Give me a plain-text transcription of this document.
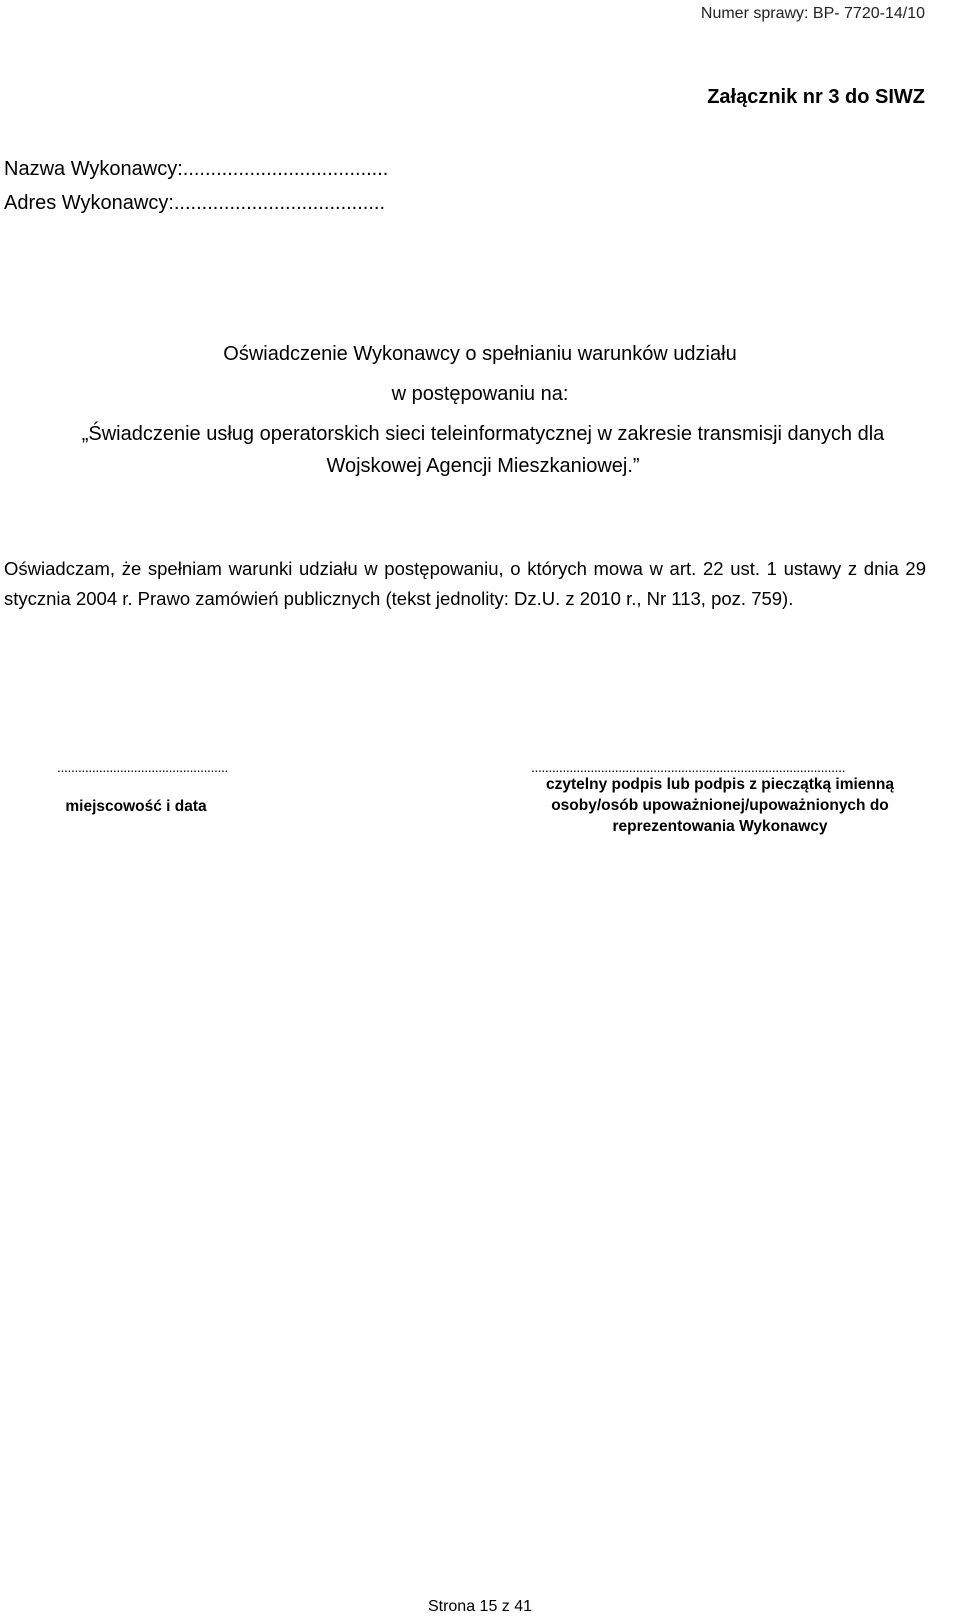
Numer sprawy: BP- 7720-14/10

Załącznik nr 3 do SIWZ

Nazwa Wykonawcy:.....................................

Adres Wykonawcy:......................................

Oświadczenie Wykonawcy o spełnianiu warunków udziału

w postępowaniu na:

„Świadczenie usług operatorskich sieci teleinformatycznej w zakresie transmisji danych dla Wojskowej Agencji Mieszkaniowej.”

Oświadczam, że spełniam warunki udziału w postępowaniu, o których mowa w art. 22 ust. 1 ustawy z dnia 29 stycznia 2004 r. Prawo zamówień publicznych (tekst jednolity: Dz.U. z 2010 r., Nr 113, poz. 759).

.................................................	..........................................................................................

miejscowość i data

czytelny podpis lub podpis z pieczątką imienną osoby/osób upoważnionej/upoważnionych do reprezentowania Wykonawcy

Strona 15 z 41
